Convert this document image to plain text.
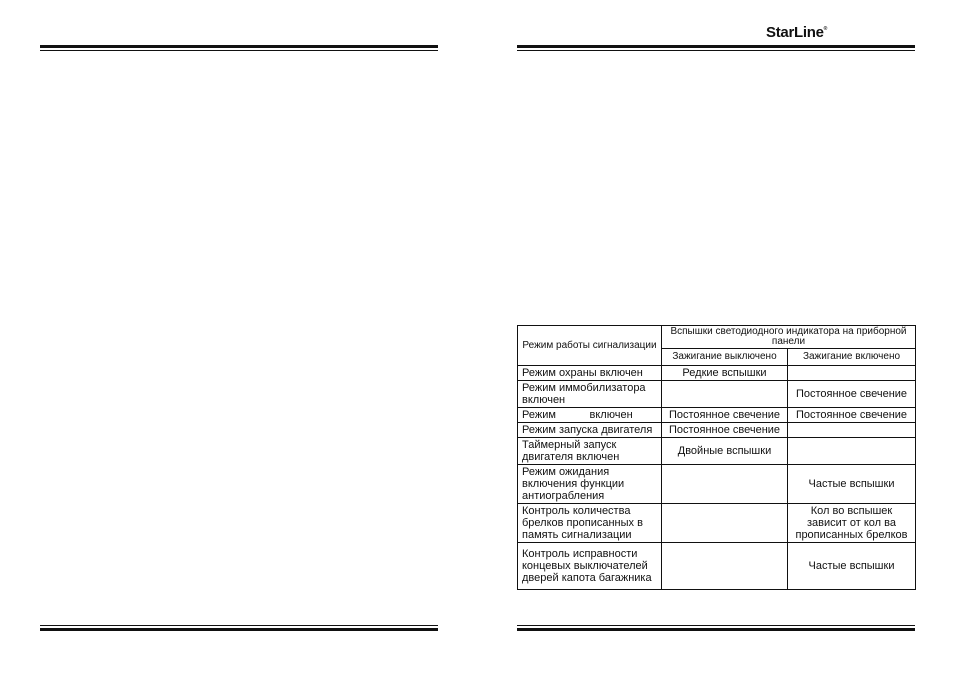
StarLine®
Режим работы сигнализации	Вспышки светодиодного индикатора на приборной панели	
	Зажигание выключено	Зажигание включено
Режим охраны включен	Редкие вспышки	
Режим иммобилизатора включен		Постоянное свечение
Режим           включен	Постоянное свечение	Постоянное свечение
Режим запуска двигателя	Постоянное свечение	
Таймерный запуск двигателя включен	Двойные вспышки	
Режим ожидания включения функции антиограбления		Частые вспышки
Контроль количества брелков прописанных в память сигнализации		Кол во вспышек зависит от кол ва прописанных брелков
Контроль исправности концевых выключателей дверей капота багажника		Частые вспышки
